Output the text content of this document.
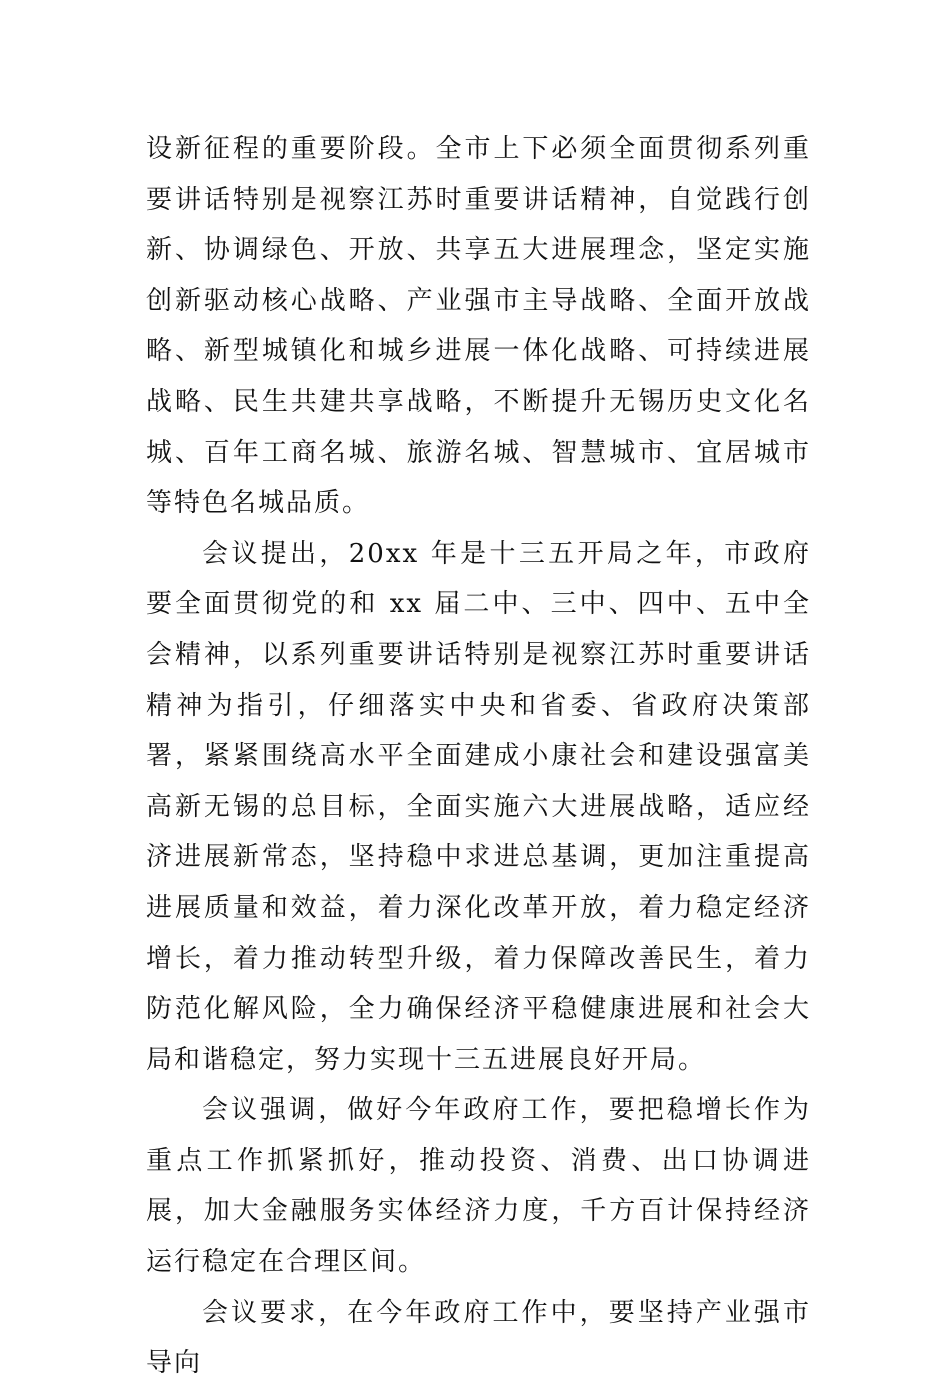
设新征程的重要阶段。全市上下必须全面贯彻系列重要讲话特别是视察江苏时重要讲话精神，自觉践行创新、协调绿色、开放、共享五大进展理念，坚定实施创新驱动核心战略、产业强市主导战略、全面开放战略、新型城镇化和城乡进展一体化战略、可持续进展战略、民生共建共享战略，不断提升无锡历史文化名城、百年工商名城、旅游名城、智慧城市、宜居城市等特色名城品质。

会议提出，20xx 年是十三五开局之年，市政府要全面贯彻党的和 xx 届二中、三中、四中、五中全会精神，以系列重要讲话特别是视察江苏时重要讲话精神为指引，仔细落实中央和省委、省政府决策部署，紧紧围绕高水平全面建成小康社会和建设强富美高新无锡的总目标，全面实施六大进展战略，适应经济进展新常态，坚持稳中求进总基调，更加注重提高进展质量和效益，着力深化改革开放，着力稳定经济增长，着力推动转型升级，着力保障改善民生，着力防范化解风险，全力确保经济平稳健康进展和社会大局和谐稳定，努力实现十三五进展良好开局。

会议强调，做好今年政府工作，要把稳增长作为重点工作抓紧抓好，推动投资、消费、出口协调进展，加大金融服务实体经济力度，千方百计保持经济运行稳定在合理区间。

会议要求，在今年政府工作中，要坚持产业强市导向
